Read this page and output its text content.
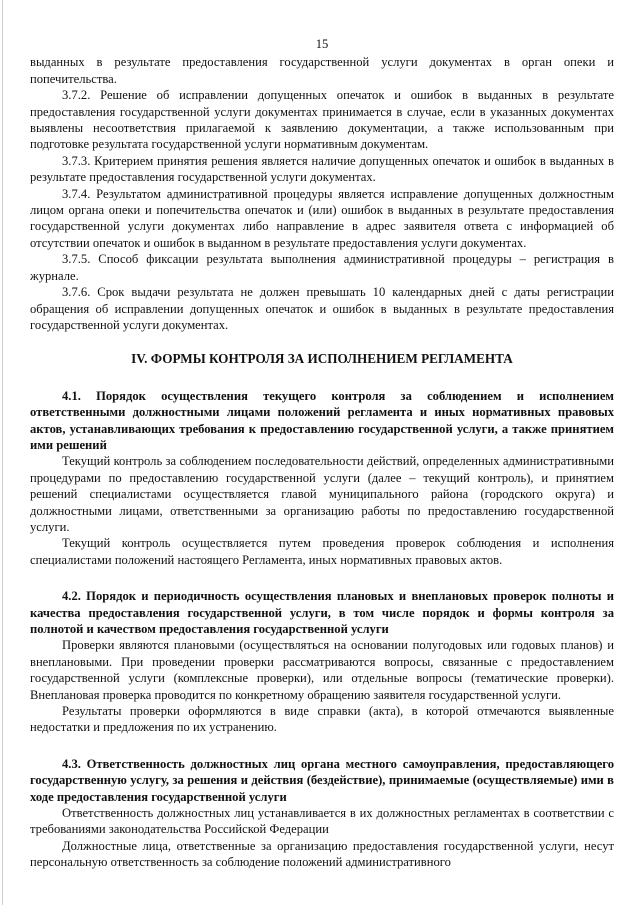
15

выданных в результате предоставления государственной услуги документах в орган опеки и попечительства.

3.7.2. Решение об исправлении допущенных опечаток и ошибок в выданных в результате предоставления государственной услуги документах принимается в случае, если в указанных документах выявлены несоответствия прилагаемой к заявлению документации, а также использованным при подготовке результата государственной услуги нормативным документам.

3.7.3. Критерием принятия решения является наличие допущенных опечаток и ошибок в выданных в результате предоставления государственной услуги документах.

3.7.4. Результатом административной процедуры является исправление допущенных должностным лицом органа опеки и попечительства опечаток и (или) ошибок в выданных в результате предоставления государственной услуги документах либо направление в адрес заявителя ответа с информацией об отсутствии опечаток и ошибок в выданном в результате предоставления услуги документах.

3.7.5. Способ фиксации результата выполнения административной процедуры – регистрация в журнале.

3.7.6. Срок выдачи результата не должен превышать 10 календарных дней с даты регистрации обращения об исправлении допущенных опечаток и ошибок в выданных в результате предоставления государственной услуги документах.

IV. ФОРМЫ КОНТРОЛЯ ЗА ИСПОЛНЕНИЕМ РЕГЛАМЕНТА

4.1. Порядок осуществления текущего контроля за соблюдением и исполнением ответственными должностными лицами положений регламента и иных нормативных правовых актов, устанавливающих требования к предоставлению государственной услуги, а также принятием ими решений

Текущий контроль за соблюдением последовательности действий, определенных административными процедурами по предоставлению государственной услуги (далее – текущий контроль), и принятием решений специалистами осуществляется главой муниципального района (городского округа) и должностными лицами, ответственными за организацию работы по предоставлению государственной услуги.

Текущий контроль осуществляется путем проведения проверок соблюдения и исполнения специалистами положений настоящего Регламента, иных нормативных правовых актов.

4.2. Порядок и периодичность осуществления плановых и внеплановых проверок полноты и качества предоставления государственной услуги, в том числе порядок и формы контроля за полнотой и качеством предоставления государственной услуги

Проверки являются плановыми (осуществляться на основании полугодовых или годовых планов) и внеплановыми. При проведении проверки рассматриваются вопросы, связанные с предоставлением государственной услуги (комплексные проверки), или отдельные вопросы (тематические проверки). Внеплановая проверка проводится по конкретному обращению заявителя государственной услуги.

Результаты проверки оформляются в виде справки (акта), в которой отмечаются выявленные недостатки и предложения по их устранению.

4.3. Ответственность должностных лиц органа местного самоуправления, предоставляющего государственную услугу, за решения и действия (бездействие), принимаемые (осуществляемые) ими в ходе предоставления государственной услуги

Ответственность должностных лиц устанавливается в их должностных регламентах в соответствии с требованиями законодательства Российской Федерации

Должностные лица, ответственные за организацию предоставления государственной услуги, несут персональную ответственность за соблюдение положений административного
